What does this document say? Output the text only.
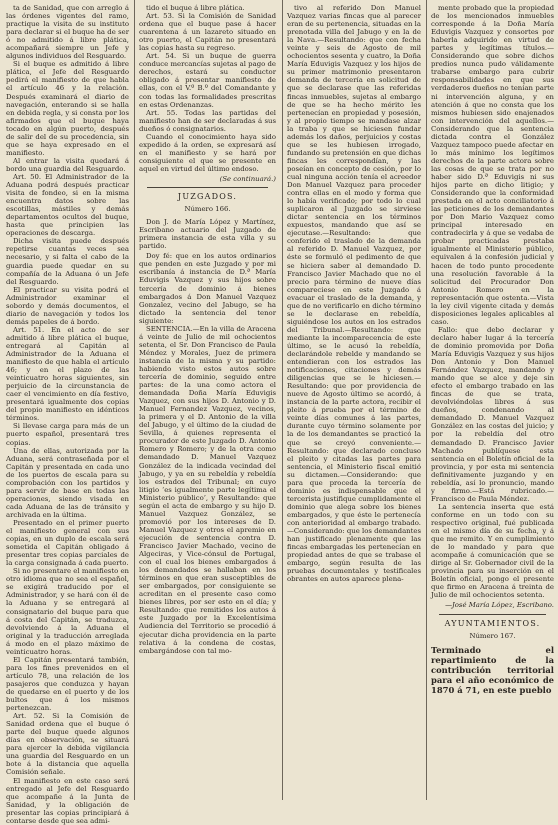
ta de Sanidad, que con arreglo á las órdenes vigentes del ramo, practique la visita de su instituto para declarar si el buque ha de ser ó no admitido á libre plática, acompañará siempre un Jefe y algunos individuos del Resguardo.

Si el buque es admitido á libre plática, el Jefe del Resguardo pedirá el manifiesto de que habla el artículo 46 y la relación. Después examinará el diario de navegación, enterando si se halla en debida regla, y si consta por los afirmados que el buque haya tocado en algún puerto, después de salir del de su procedencia, sin que se haya expresado en el manifiesto.

Al entrar la visita quedará á bordo una guardia del Resguardo.

Art. 50. El Administrador de la Aduana podrá después practicar visita de fondeo, si en la misma encuentra datos sobre las escotillas, mástiles y demás departamentos ocultos del buque, hasta que principien las operaciones de descarga.

Dicha visita puede después repetirse cuantas veces sea necesario, y si falta el cabo de la guardia puede quedar en su compañía de la Aduana ó un Jefe del Resguardo.

El practicar su visita podrá el Administrador examinar el sobordo y demás documentos, el diario de navegación y todos los demás papeles de á bordo.

Art. 51. En el acto de ser admitido á libre plática el buque, entregará al Capitán al Administrador de la Aduana el manifiesto de que habla el artículo 46; y en el plazo de las veinticuatro horas siguientes, sin perjuicio de la circunstancia de caer el vencimiento en día festivo, presentará igualmente dos copias del propio manifiesto en idénticos términos.

Si llevase carga para más de un puerto español, presentará tres copias.

Una de ellas, autorizada por la Aduana, será contraseñada por el Capitán y presentada en cada uno de los puertos de escala para su comprobación con los partidos y para servir de base en todas las operaciones, siendo visada en cada Aduana de las de tránsito y archivada en la última.

Presentado en el primer puerto el manifiesto general con sus copias, en un duplo de escala será sometida el Capitán obligado á presentar tres copias parciales de la carga consignada á cada puerto.

Si no presentare el manifiesto en otro idioma que no sea el español, se exigirá traducido por el Administrador, y se hará con él de la Aduana y se entregará al consignatario del buque para que á costa del Capitán, se traduzca, devolviendo á la Aduana el original y la traducción arreglada á modo en el plazo máximo de veinticuatro horas.

El Capitán presentará también, para los fines prevenidos en el artículo 78, una relación de los pasajeros que conduzca y hayan de quedarse en el puerto y de los bultos que á los mismos pertenezcan.

Art. 52. Si la Comisión de Sanidad ordena que el buque ó parte del buque quede algunos días en observación, se situará para ejercer la debida vigilancia una guardia del Resguardo en un bote á la distancia que aquella Comisión señale.

El manifiesto en este caso será entregado al Jefe del Resguardo que acompañe á la Junta de Sanidad, y la obligación de presentar las copias principiará á contarse desde que sea admi-

tido el buque á libre plática.

Art. 53. Si la Comisión de Sanidad ordena que el buque pase á hacer cuarentena á un lazareto situado en otro puerto, el Capitán no presentará las copias hasta su regreso.

Art. 54. Si un buque de guerra conduce mercancías sujetas al pago de derechos, estará su conductor obligado á presentar manifiesto de ellas, con el V.º B.º del Comandante y con todas las formalidades prescritas en estas Ordenanzas.

Art. 55. Todas las partidas del manifiesto han de ser declaradas á sus dueños ó consignatarios.

Cuando el conocimiento haya sido expedido á la orden, se expresará así en el manifiesto y se hará por consiguiente el que se presente en aquel en virtud del último endoso.

(Se continuará.)
JUZGADOS.
Número 166.

Don J. de María López y Martínez, Escribano actuario del Juzgado de primera instancia de esta villa y su partido.

Doy fé: que en los autos ordinarios que penden en este Juzgado y por mi escribanía á instancia de D.ª María Eduvigis Vazquez y sus hijos sobre tercería de dominio á bienes embargados á Don Manuel Vazquez Gonzalez, vecino del Jabugo, se ha dictado la sentencia del tenor siguiente:

SENTENCIA.—En la villa de Aracena á veinte de Julio de mil ochocientos setenta, el Sr. Don Francisco de Paula Méndez y Morales, Juez de primera instancia de la misma y su partido: habiendo visto estos autos sobre tercería de dominio, seguido entre partes: de la una como actora el demandada Doña María Eduvigis Vazquez, con sus hijos D. Antonio y D. Manuel Fernandez Vazquez, vecinos, la primera y el D. Antonio de la villa del Jabugo, y el último de la ciudad de Sevilla, á quienes representa el procurador de este Juzgado D. Antonio Romero y Romero; y de la otra como demandado D. Manuel Vazquez González de la indicada vecindad del Jabugo, y ya en su rebeldía y rebeldía los estrados del Tribunal; en cuyo litigio ‘es igualmente parte legítima el Ministerio público’, y Resultando: que según el acta de embargo y su hijo D. Manuel Vazquez González, se promovió por los intereses de D. Manuel Vazquez y otros el apremio en ejecución de sentencia contra D. Francisco Javier Machado, vecino de Algeciras, y Vice-cónsul de Portugal, con el cual los bienes embargados á los demandados se hallaban en los términos en que eran susceptibles de ser embargados, por consiguiente se acreditan en el presente caso como bienes libres, por ser esto en el día; y Resultando: que remitidos los autos á este Juzgado por la Excelentísima Audiencia del Territorio se procedió á ejecutar dicha providencia en la parte relativa á la condena de costas, embargándose con tal mo-

tivo al referido Don Manuel Vazquez varias fincas que al parecer eran de su pertenencia, situadas en la prenotada villa del Jabugo y en la de la Nava.—Resultando: que con fecha veinte y seis de Agosto de mil ochocientos sesenta y cuatro, la Doña María Eduvigis Vazquez y los hijos de su primer matrimonio presentaron demanda de tercería en solicitud de que se declarase que las referidas fincas inmuebles, sujetas al embargo de que se ha hecho mérito les pertenecían en propiedad y posesión, y al propio tiempo se mandase alzar la traba y que se hiciesen fundar además los daños, perjuicios y costas que se les hubiesen irrogado, fundando su pretensión en que dichas fincas les correspondían, y las poseían en concepto de cesión, por lo cual ninguna acción tenía el acreedor Don Manuel Vazquez para proceder contra ellas en el modo y forma que lo había verificado; por todo lo cual suplicaron al Juzgado se sirviese dictar sentencia en los términos expuestos, mandando que así se ejecutase.—Resultando: que conferido el traslado de la demanda al referido D. Manuel Vazquez, por éste se formuló el pedimento de que se hiciera saber al demandado D. Francisco Javier Machado que no el precio para término de nueve días compareciese en este Juzgado á evacuar el traslado de la demanda, y que de no verificarlo en dicho término se le declarase en rebeldía, siguiéndose los autos en los estrados del Tribunal.—Resultando: que mediante la incomparecencia de este último, se le acusó la rebeldía, declarándole rebelde y mandando se entendieran con los estrados las notificaciones, citaciones y demás diligencias que se le hiciesen.—Resultando: que por providencia de nueve de Agosto último se acordó, á instancia de la parte actora, recibir el pleito á prueba por el término de veinte días comunes á las partes, durante cuyo término solamente por la de los demandantes se practicó la que se creyó conveniente.—Resultando: que declarado concluso el pleito y citadas las partes para sentencia, el Ministerio fiscal emitió su dictamen.—Considerando: que para que proceda la tercería de dominio es indispensable que el tercerista justifique cumplidamente el dominio que alega sobre los bienes embargados, y que éste le pertenecía con anterioridad al embargo trabado.—Considerando: que los demandantes han justificado plenamente que las fincas embargadas les pertenecían en propiedad antes de que se trabase el embargo, según resulta de las pruebas documentales y testificales obrantes en autos aparece plena-

mente probado que la propiedad de los mencionados inmuebles corresponde á la Doña María Eduvigis Vazquez y consortes por haberla adquirido en virtud de partes y legítimas títulos.—Considerando que sobre dichos predios nunca pudo válidamente trabarse embargo para cubrir responsabilidades en que sus verdaderos dueños no tenían parte ni intervención alguna, y en atención á que no consta que los mismos hubiesen sido enajenados con intervención del aquellos.—Considerando que la sentencia dictada contra el González Vazquez tampoco puede afectar en lo más mínimo los legítimos derechos de la parte actora sobre las cosas de que se trata por no haber sido D.ª Eduvigis ni sus hijos parte en dicho litigio; y Considerando que la conformidad prestada en el acto conciliatorio á las peticiones de los demandantes por Don Mario Vazquez como principal interesado en contradecirla y á que se vedaba de probar practicadas prestaba igualmente el Ministerio público, equivalen á la confesión judicial y hacen de todo punto procedente una resolución favorable á la solicitud del Procurador Don Antonio Romero en la representación que ostenta.—Vista la ley civil vigente citada y demás disposiciones legales aplicables al caso.

Fallo: que debo declarar y declaro haber lugar á la tercería de dominio promovida por Doña María Eduvigis Vazquez y sus hijos Don Antonio y Don Manuel Fernández Vazquez, mandando y mando que se alce y deje sin efecto el embargo trabado en las fincas de que se trata, devolviéndolas libres á sus dueños, condenando al demandado D. Manuel Vazquez González en las costas del juicio; y por la rebeldía del otro demandado D. Francisco Javier Machado publíquese esta sentencia en el Boletín oficial de la provincia, y por esta mi sentencia definitivamente juzgando y en rebeldía, así lo pronuncio, mando y firmo.—Está rubricado.—Francisco de Paula Méndez.

La sentencia inserta que está conforme en un todo con su respectivo original, fué publicada en el mismo día de su fecha, y á que me remito. Y en cumplimiento de lo mandado y para que acompañe á comunicación que se dirige al Sr. Gobernador civil de la provincia para su inserción en el Boletín oficial, pongo el presente que firmo en Aracena á treinta de Julio de mil ochocientos setenta.

—José María López, Escribano.
AYUNTAMIENTOS.
Número 167.

Terminado el repartimiento de la contribución territorial para el año económico de 1870 á 71, en este pueblo
